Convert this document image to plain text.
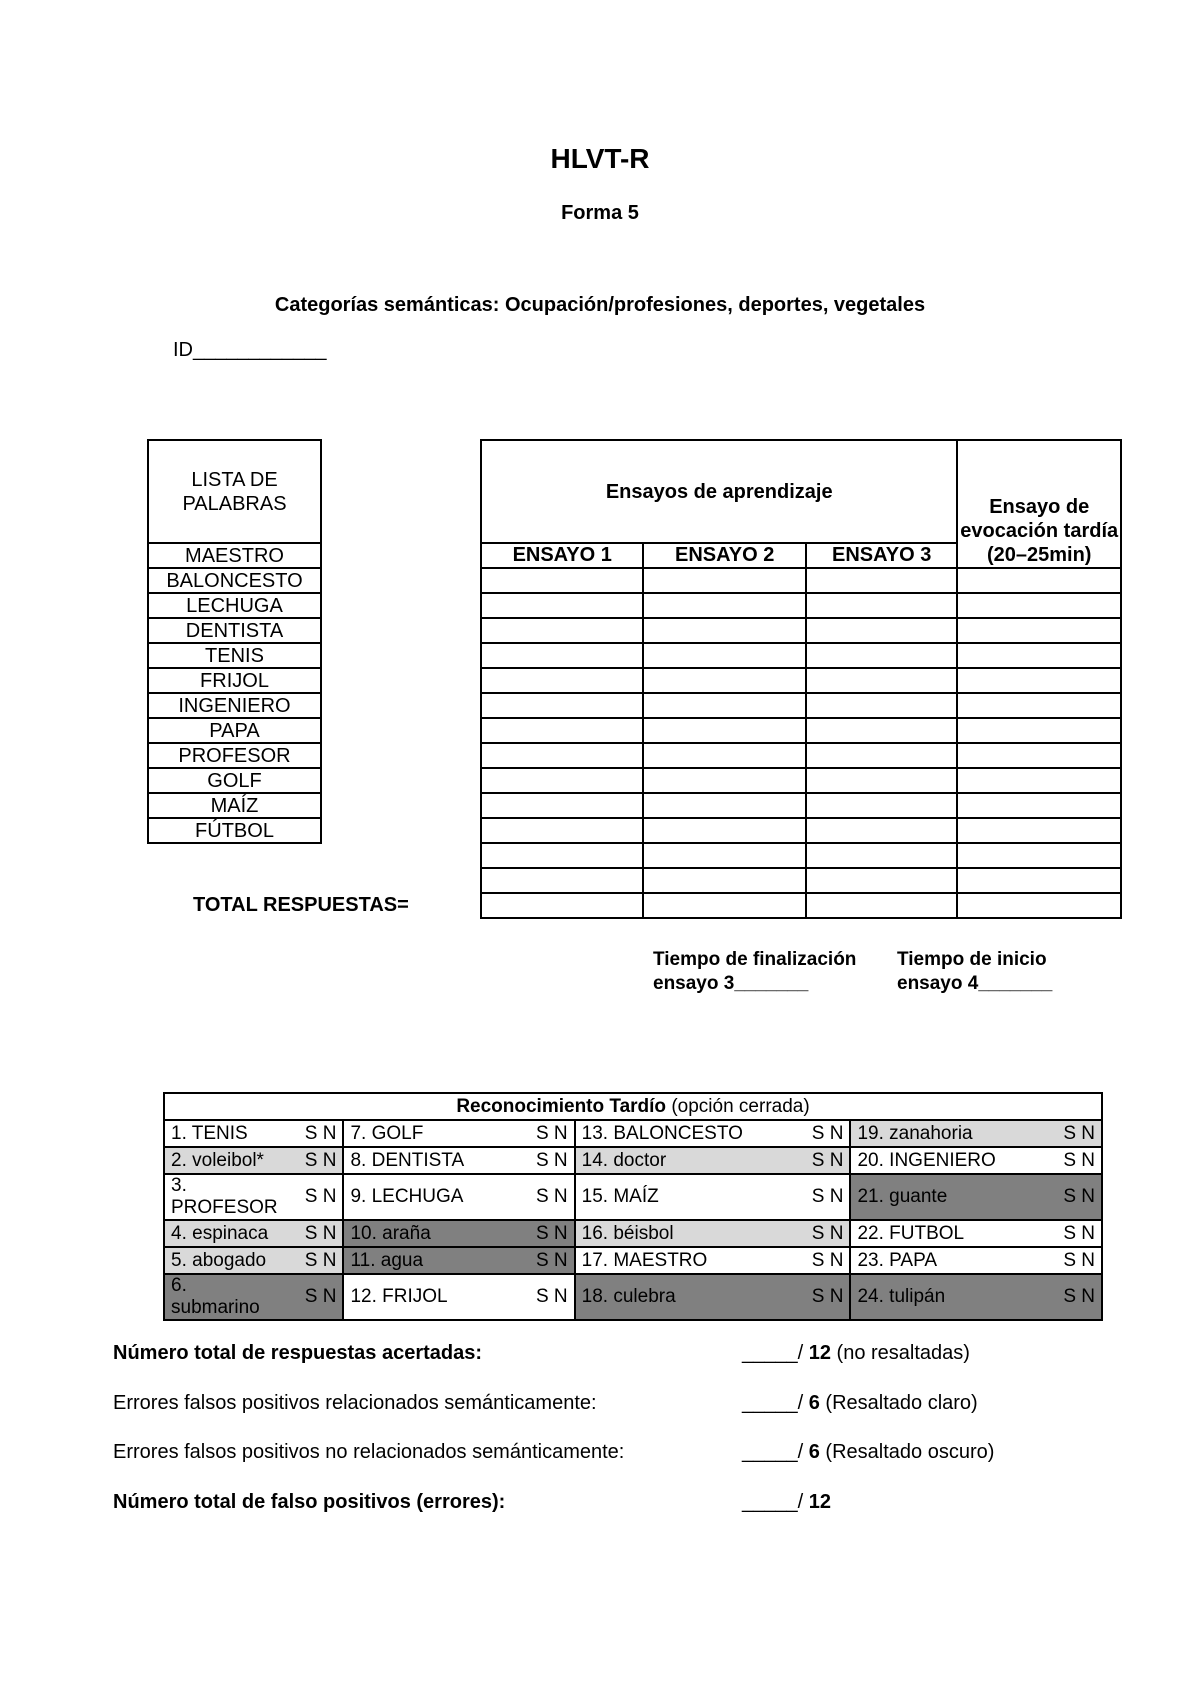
HLVT-R
Forma 5
Categorías semánticas: Ocupación/profesiones, deportes, vegetales
ID____________
LISTA DE PALABRAS
MAESTRO
BALONCESTO
LECHUGA
DENTISTA
TENIS
FRIJOL
INGENIERO
PAPA
PROFESOR
GOLF
MAÍZ
FÚTBOL
Ensayos de aprendizaje			Ensayo de evocación tardía (20–25min)
ENSAYO 1	ENSAYO 2	ENSAYO 3	

TOTAL RESPUESTAS=
Tiempo de finalización
ensayo 3_______
Tiempo de inicio
ensayo 4_______
Reconocimiento Tardío (opción cerrada)							
1. TENIS	S N	7. GOLF	S N	13. BALONCESTO	S N	19. zanahoria	S N
2. voleibol*	S N	8. DENTISTA	S N	14. doctor	S N	20. INGENIERO	S N
3. PROFESOR	S N	9. LECHUGA	S N	15. MAÍZ	S N	21. guante	S N
4. espinaca	S N	10. araña	S N	16. béisbol	S N	22. FUTBOL	S N
5. abogado	S N	11. agua	S N	17. MAESTRO	S N	23. PAPA	S N
6. submarino	S N	12. FRIJOL	S N	18. culebra	S N	24. tulipán	S N
Número total de respuestas acertadas:	_____/ 12 (no resaltadas)
Errores falsos positivos relacionados semánticamente:	_____/ 6 (Resaltado claro)
Errores falsos positivos no relacionados semánticamente:	_____/ 6 (Resaltado oscuro)
Número total de falso positivos (errores):	_____/ 12
